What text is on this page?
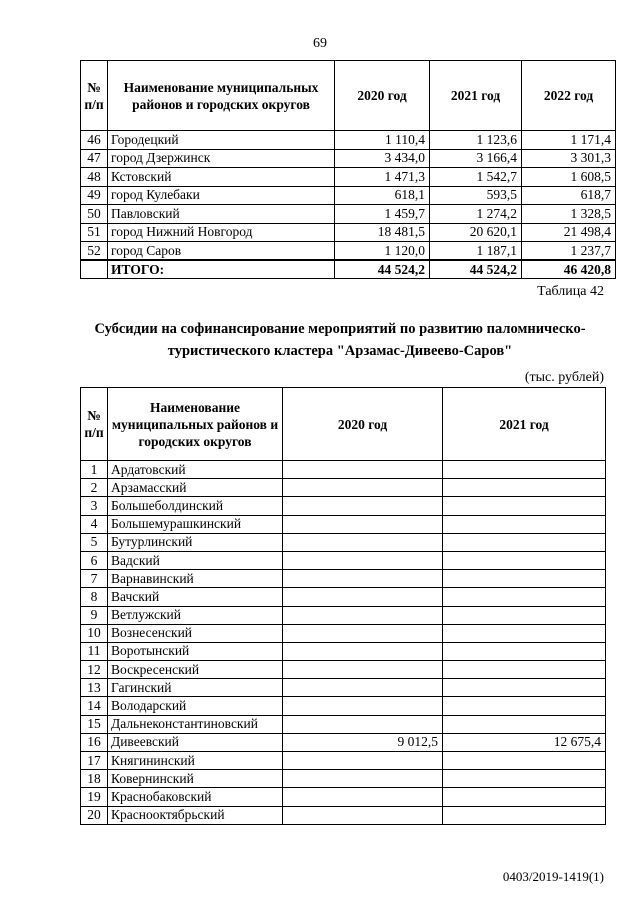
69
№ п/п	Наименование муниципальных районов и городских округов	2020 год	2021 год	2022 год
46	Городецкий	1 110,4	1 123,6	1 171,4
47	город Дзержинск	3 434,0	3 166,4	3 301,3
48	Кстовский	1 471,3	1 542,7	1 608,5
49	город Кулебаки	618,1	593,5	618,7
50	Павловский	1 459,7	1 274,2	1 328,5
51	город Нижний Новгород	18 481,5	20 620,1	21 498,4
52	город Саров	1 120,0	1 187,1	1 237,7
	ИТОГО:	44 524,2	44 524,2	46 420,8
Таблица 42
Субсидии на софинансирование мероприятий по развитию паломническо-туристического кластера "Арзамас-Дивеево-Саров"
(тыс. рублей)
№ п/п	Наименование муниципальных районов и городских округов	2020 год	2021 год
1	Ардатовский		
2	Арзамасский		
3	Большеболдинский		
4	Большемурашкинский		
5	Бутурлинский		
6	Вадский		
7	Варнавинский		
8	Вачский		
9	Ветлужский		
10	Вознесенский		
11	Воротынский		
12	Воскресенский		
13	Гагинский		
14	Володарский		
15	Дальнеконстантиновский		
16	Дивеевский	9 012,5	12 675,4
17	Княгининский		
18	Ковернинский		
19	Краснобаковский		
20	Краснооктябрьский		
0403/2019-1419(1)
